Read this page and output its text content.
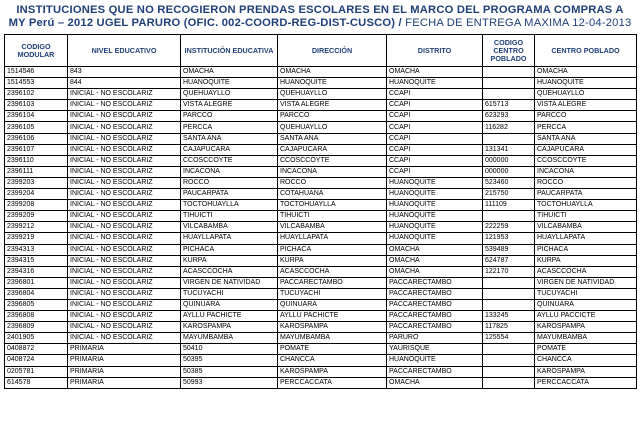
INSTITUCIONES QUE NO RECOGIERON PRENDAS ESCOLARES EN EL MARCO DEL PROGRAMA COMPRAS A
MY Perú – 2012 UGEL PARURO (OFIC. 002-COORD-REG-DIST-CUSCO) / FECHA DE ENTREGA MAXIMA 12-04-2013
CODIGO MODULAR	NIVEL EDUCATIVO	INSTITUCIÓN EDUCATIVA	DIRECCIÓN	DISTRITO	CODIGO CENTRO POBLADO	CENTRO POBLADO
1514546	843	OMACHA	OMACHA	OMACHA		OMACHA
1514553	844	HUANOQUITE	HUANOQUITE	HUANOQUITE		HUANOQUITE
2396102	INICIAL - NO ESCOLARIZ	QUEHUAYLLO	QUEHUAYLLO	CCAPI		QUEHUAYLLO
2396103	INICIAL - NO ESCOLARIZ	VISTA ALEGRE	VISTA ALEGRE	CCAPI	615713	VISTA ALEGRE
2396104	INICIAL - NO ESCOLARIZ	PARCCO	PARCCO	CCAPI	623293	PARCCO
2396105	INICIAL - NO ESCOLARIZ	PERCCA	QUEHUAYLLO	CCAPI	116282	PERCCA
2396106	INICIAL - NO ESCOLARIZ	SANTA ANA	SANTA ANA	CCAPI		SANTA ANA
2396107	INICIAL - NO ESCOLARIZ	CAJAPUCARA	CAJAPUCARA	CCAPI	131341	CAJAPUCARA
2396110	INICIAL - NO ESCOLARIZ	CCOSCCOYTE	CCOSCCOYTE	CCAPI	000000	CCOSCCOYTE
2396111	INICIAL - NO ESCOLARIZ	INCACONA	INCACONA	CCAPI	000000	INCACONA
2399203	INICIAL - NO ESCOLARIZ	ROCCO	ROCCO	HUANOQUITE	523460	ROCCO
2399204	INICIAL - NO ESCOLARIZ	PAUCARPATA	COTAHUANA	HUANOQUITE	215750	PAUCARPATA
2399208	INICIAL - NO ESCOLARIZ	TOCTOHUAYLLA	TOCTOHUAYLLA	HUANOQUITE	111109	TOCTOHUAYLLA
2399209	INICIAL - NO ESCOLARIZ	TIHUICTI	TIHUICTI	HUANOQUITE		TIHUICTI
2399212	INICIAL - NO ESCOLARIZ	VILCABAMBA	VILCABAMBA	HUANOQUITE	222259	VILCABAMBA
2399219	INICIAL - NO ESCOLARIZ	HUAYLLAPATA	HUAYLLAPATA	HUANOQUITE	121953	HUAYLLAPATA
2394313	INICIAL - NO ESCOLARIZ	PICHACA	PICHACA	OMACHA	539489	PICHACA
2394315	INICIAL - NO ESCOLARIZ	KURPA	KURPA	OMACHA	624787	KURPA
2394316	INICIAL - NO ESCOLARIZ	ACASCCOCHA	ACASCCOCHA	OMACHA	122170	ACASCCOCHA
2396801	INICIAL - NO ESCOLARIZ	VIRGEN DE NATIVIDAD	PACCARECTAMBO	PACCARECTAMBO		VIRGEN DE NATIVIDAD
2396804	INICIAL - NO ESCOLARIZ	TUCUYACHI	TUCUYACHI	PACCARECTAMBO		TUCUYACHI
2396805	INICIAL - NO ESCOLARIZ	QUINUARA	QUINUARA	PACCARECTAMBO		QUINUARA
2396808	INICIAL - NO ESCOLARIZ	AYLLU PACHICTE	AYLLU PACHICTE	PACCARECTAMBO	133245	AYLLU PACCICTE
2396809	INICIAL - NO ESCOLARIZ	KAROSPAMPA	KAROSPAMPA	PACCARECTAMBO	117825	KAROSPAMPA
2401905	INICIAL - NO ESCOLARIZ	MAYUMBAMBA	MAYUMBAMBA	PARURO	125554	MAYUMBAMBA
0408872	PRIMARIA	50410	POMATE	YAURISQUE		POMATE
0408724	PRIMARIA	50395	CHANCCA	HUANOQUITE		CHANCCA
0205781	PRIMARIA	50385	KAROSPAMPA	PACCARECTAMBO		KAROSPAMPA
614578	PRIMARIA	50993	PERCCACCATA	OMACHA		PERCCACCATA
